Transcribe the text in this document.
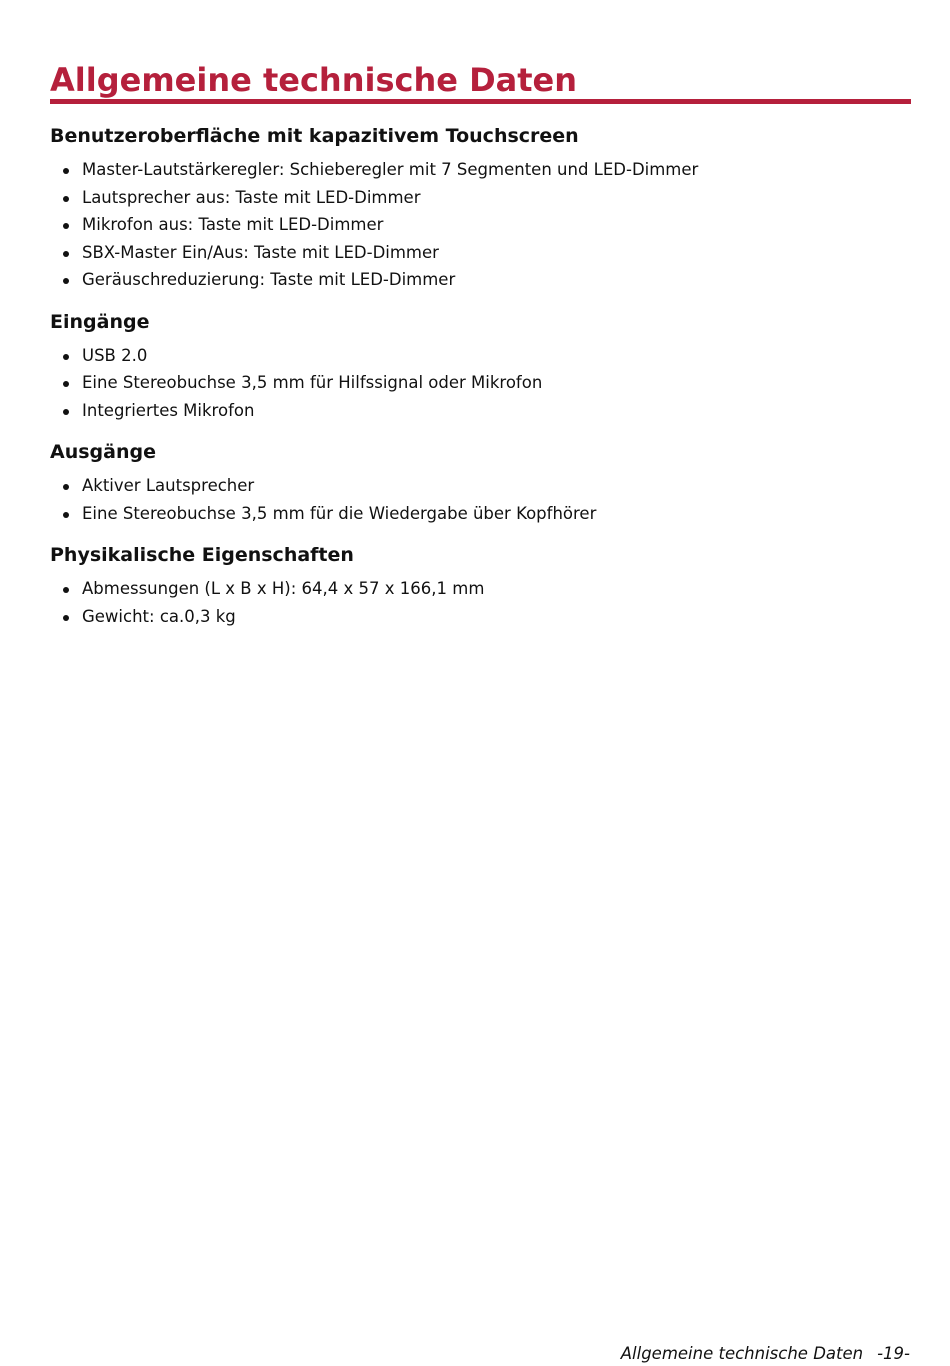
Allgemeine technische Daten
Benutzeroberfläche mit kapazitivem Touchscreen
Master-Lautstärkeregler: Schieberegler mit 7 Segmenten und LED-Dimmer
Lautsprecher aus: Taste mit LED-Dimmer
Mikrofon aus: Taste mit LED-Dimmer
SBX-Master Ein/Aus: Taste mit LED-Dimmer
Geräuschreduzierung: Taste mit LED-Dimmer
Eingänge
USB 2.0
Eine Stereobuchse 3,5 mm für Hilfssignal oder Mikrofon
Integriertes Mikrofon
Ausgänge
Aktiver Lautsprecher
Eine Stereobuchse 3,5 mm für die Wiedergabe über Kopfhörer
Physikalische Eigenschaften
Abmessungen (L x B x H): 64,4 x 57 x 166,1 mm
Gewicht: ca.0,3 kg
Allgemeine technische Daten -19-
